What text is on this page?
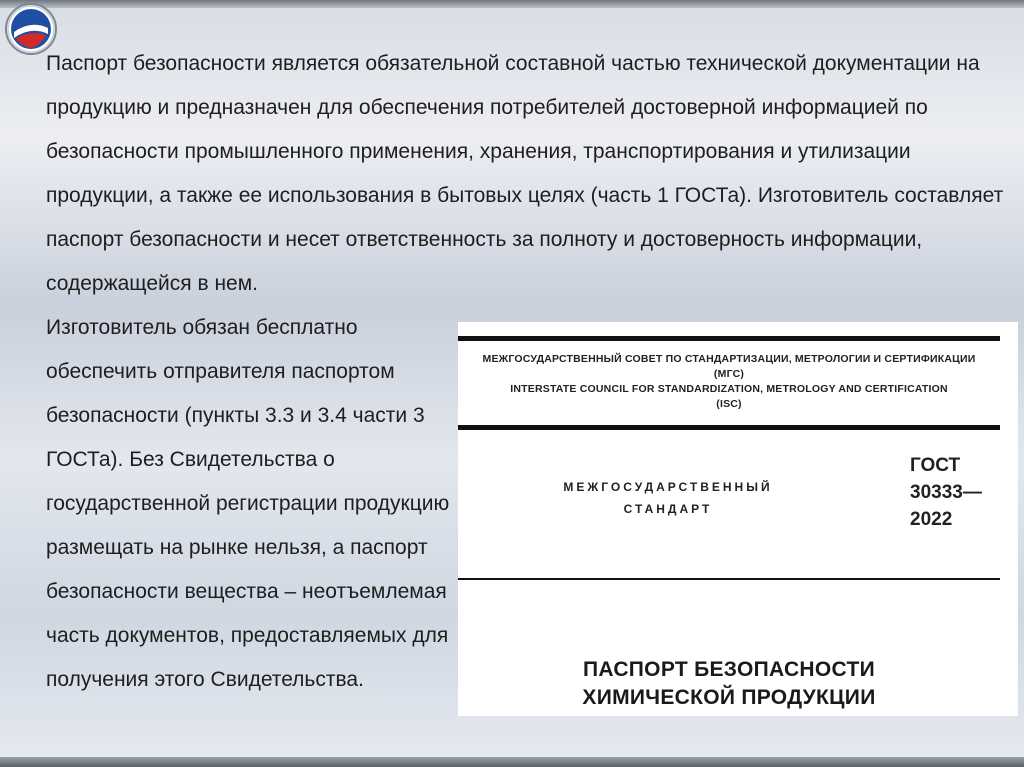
Паспорт безопасности является обязательной составной частью технической документации на продукцию и предназначен для обеспечения потребителей достоверной информацией по безопасности промышленного применения, хранения, транспортирования и утилизации продукции, а также ее использования в бытовых целях (часть 1 ГОСТа). Изготовитель составляет паспорт безопасности и несет ответственность за полноту и достоверность информации, содержащейся в нем.
Изготовитель обязан бесплатно обеспечить отправителя паспортом безопасности (пункты 3.3 и 3.4 части 3 ГОСТа). Без Свидетельства о государственной регистрации продукцию размещать на рынке нельзя, а паспорт безопасности вещества – неотъемлемая часть документов, предоставляемых для получения этого Свидетельства.
МЕЖГОСУДАРСТВЕННЫЙ СОВЕТ ПО СТАНДАРТИЗАЦИИ, МЕТРОЛОГИИ И СЕРТИФИКАЦИИ
(МГС)
INTERSTATE COUNCIL FOR STANDARDIZATION, METROLOGY AND CERTIFICATION
(ISC)
МЕЖГОСУДАРСТВЕННЫЙ
СТАНДАРТ
ГОСТ
30333—
2022
ПАСПОРТ БЕЗОПАСНОСТИ
ХИМИЧЕСКОЙ ПРОДУКЦИИ
